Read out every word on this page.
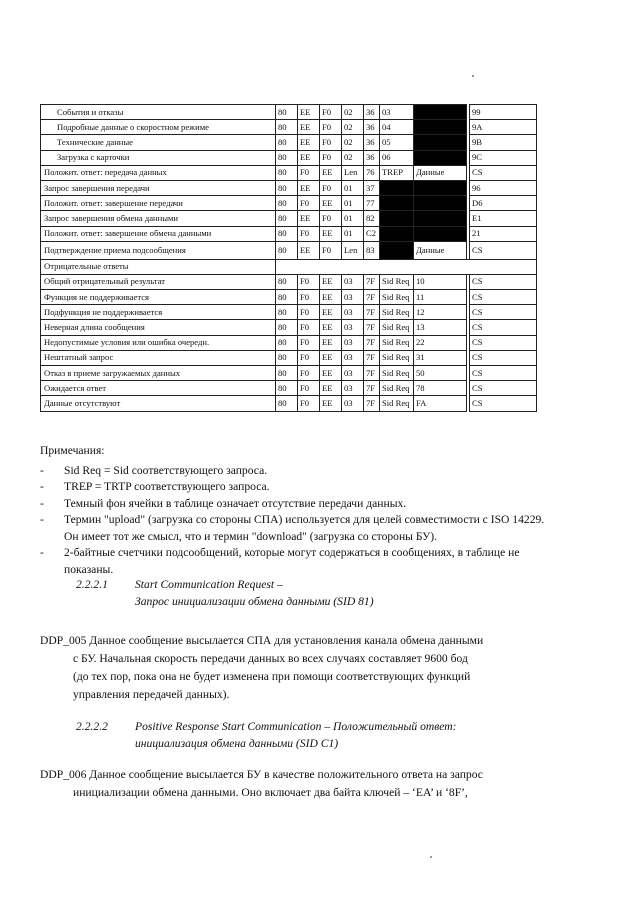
События и отказы	80	EE	F0	02	36	03			99
Подробные данные о скоростном режиме	80	EE	F0	02	36	04			9A
Технические данные	80	EE	F0	02	36	05			9B
Загрузка с карточки	80	EE	F0	02	36	06			9C
Положит. ответ: передача данных	80	F0	EE	Len	76	TREP	Данные		CS
Запрос завершения передачи	80	EE	F0	01	37				96
Положит. ответ: завершение передачи	80	F0	EE	01	77				D6
Запрос завершения обмена данными	80	EE	F0	01	82				E1
Положит. ответ: завершение обмена данными	80	F0	EE	01	C2				21
Подтверждение приема подсообщения	80	EE	F0	Len	83		Данные		CS
Отрицательные ответы									
Общий отрицательный результат	80	F0	EE	03	7F	Sid Req	10		CS
Функция не поддерживается	80	F0	EE	03	7F	Sid Req	11		CS
Подфункция не поддерживается	80	F0	EE	03	7F	Sid Req	12		CS
Неверная длина сообщения	80	F0	EE	03	7F	Sid Req	13		CS
Недопустимые условия или ошибка очередн.	80	F0	EE	03	7F	Sid Req	22		CS
Нештатный запрос	80	F0	EE	03	7F	Sid Req	31		CS
Отказ в приеме загружаемых данных	80	F0	EE	03	7F	Sid Req	50		CS
Ожидается ответ	80	F0	EE	03	7F	Sid Req	78		CS
Данные отсутствуют	80	F0	EE	03	7F	Sid Req	FA		CS
Примечания:
- Sid Req = Sid соответствующего запроса.
- TREP = TRTP соответствующего запроса.
- Темный фон ячейки в таблице означает отсутствие передачи данных.
- Термин "upload" (загрузка со стороны СПА) используется для целей совместимости с ISO 14229. Он имеет тот же смысл, что и термин "download" (загрузка со стороны БУ).
- 2-байтные счетчики подсообщений, которые могут содержаться в сообщениях, в таблице не показаны.
2.2.2.1 Start Communication Request –
Запрос инициализации обмена данными (SID 81)
DDP_005 Данное сообщение высылается СПА для установления канала обмена данными
с БУ. Начальная скорость передачи данных во всех случаях составляет 9600 бод
(до тех пор, пока она не будет изменена при помощи соответствующих функций
управления передачей данных).
2.2.2.2 Positive Response Start Communication – Положительный ответ:
инициализация обмена данными (SID C1)
DDP_006 Данное сообщение высылается БУ в качестве положительного ответа на запрос
инициализации обмена данными. Оно включает два байта ключей – ‘EA’ и ‘8F’,
